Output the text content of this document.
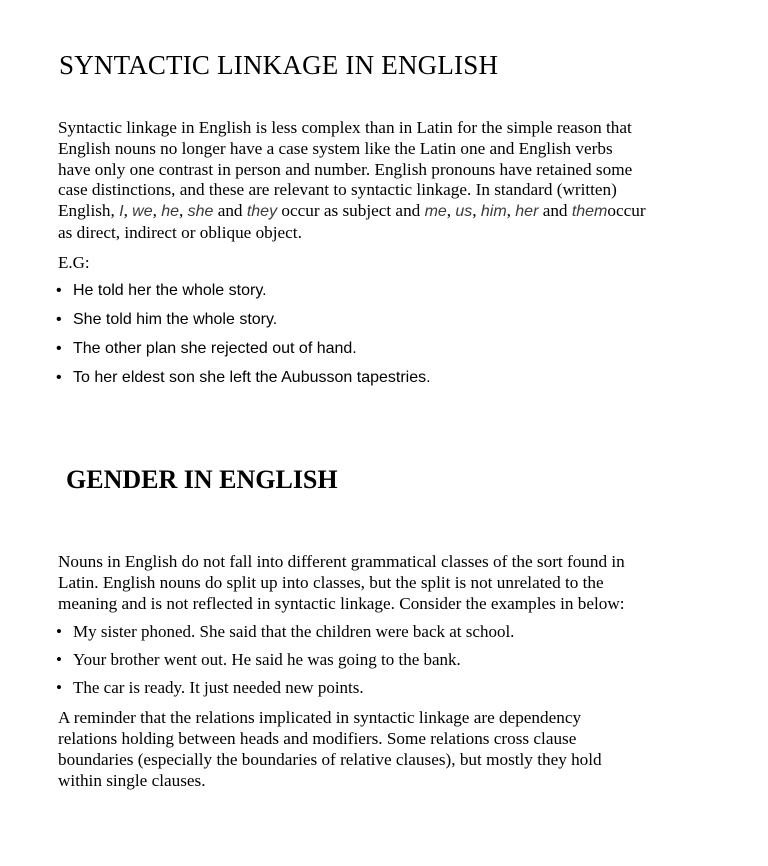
SYNTACTIC LINKAGE IN ENGLISH
Syntactic linkage in English is less complex than in Latin for the simple reason that
English nouns no longer have a case system like the Latin one and English verbs
have only one contrast in person and number. English pronouns have retained some
case distinctions, and these are relevant to syntactic linkage. In standard (written)
English, I, we, he, she and they occur as subject and me, us, him, her and themoccur
as direct, indirect or oblique object.

E.G:

• He told her the whole story.
• She told him the whole story.
• The other plan she rejected out of hand.
• To her eldest son she left the Aubusson tapestries.
GENDER IN ENGLISH
Nouns in English do not fall into different grammatical classes of the sort found in
Latin. English nouns do split up into classes, but the split is not unrelated to the
meaning and is not reflected in syntactic linkage. Consider the examples in below:
• My sister phoned. She said that the children were back at school.
• Your brother went out. He said he was going to the bank.
• The car is ready. It just needed new points.
A reminder that the relations implicated in syntactic linkage are dependency
relations holding between heads and modifiers. Some relations cross clause
boundaries (especially the boundaries of relative clauses), but mostly they hold
within single clauses.
